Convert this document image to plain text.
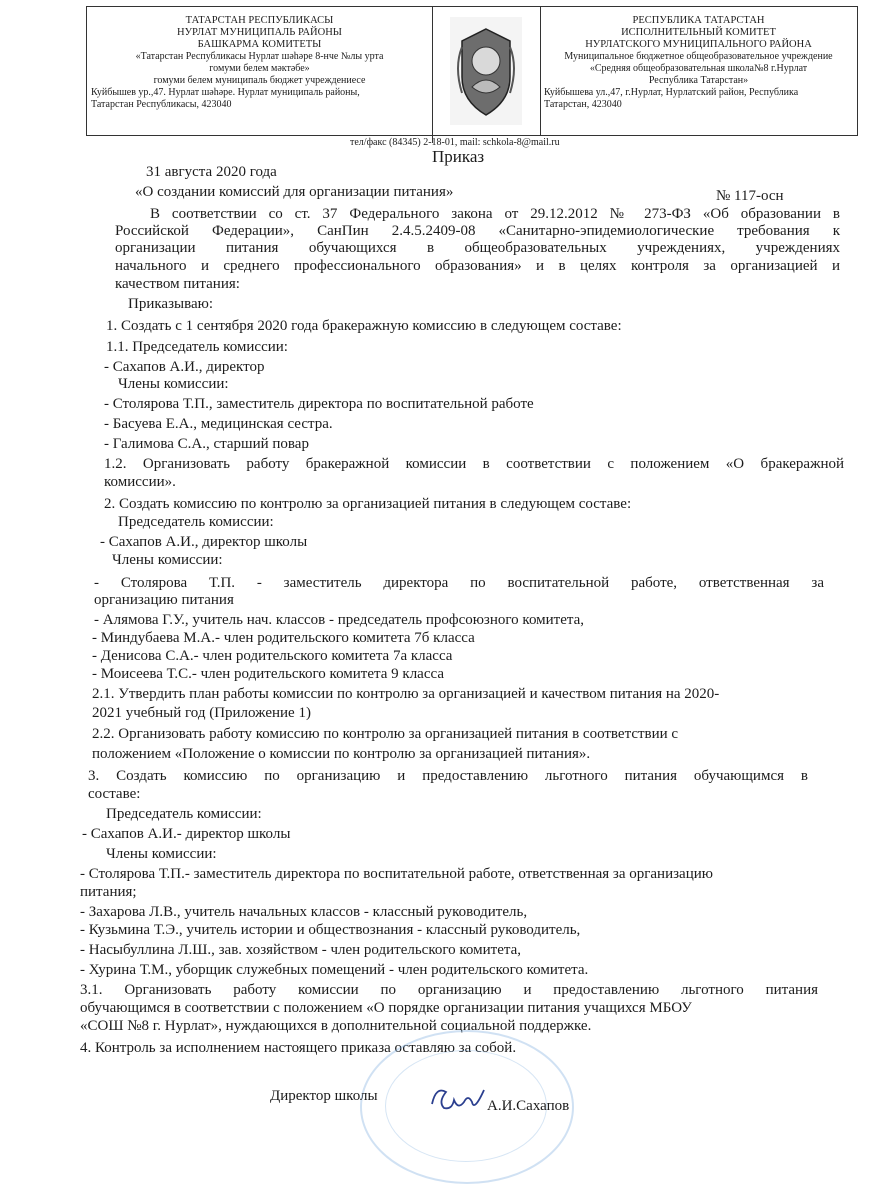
ТАТАРСТАН РЕСПУБЛИКАСЫ
НУРЛАТ МУНИЦИПАЛЬ РАЙОНЫ
БАШКАРМА КОМИТЕТЫ
«Татарстан Республикасы Нурлат шәһәре 8-нче №лы урта
гомуми белем мәктәбе»
гомуми белем муниципаль бюджет учреждениесе
Куйбышев ур.,47. Нурлат шәһәре. Нурлат муниципаль районы,
Татарстан Республикасы, 423040
РЕСПУБЛИКА ТАТАРСТАН
ИСПОЛНИТЕЛЬНЫЙ КОМИТЕТ
НУРЛАТСКОГО МУНИЦИПАЛЬНОГО РАЙОНА
Муниципальное бюджетное общеобразовательное учреждение
«Средняя общеобразовательная школа№8 г.Нурлат
Республика Татарстан»
Куйбышева ул.,47, г.Нурлат, Нурлатский район, Республика
Татарстан, 423040
тел/факс (84345) 2-18-01, mail: schkola-8@mail.ru
Приказ
31 августа 2020 года
«О создании комиссий для организации питания»	№ 117-осн
В соответствии со ст. 37 Федерального закона от 29.12.2012 № 273-ФЗ «Об образовании в
Российской Федерации», СанПин 2.4.5.2409-08 «Санитарно-эпидемиологические требования к
организации питания обучающихся в общеобразовательных учреждениях, учреждениях
начального и среднего профессионального образования» и в целях контроля за организацией и
качеством питания:
Приказываю:
1. Создать с 1 сентября 2020 года бракеражную комиссию в следующем составе:
1.1. Председатель комиссии:
- Сахапов А.И., директор
Члены комиссии:
- Столярова Т.П., заместитель директора по воспитательной работе
- Басуева Е.А., медицинская сестра.
- Галимова С.А., старший повар
1.2. Организовать работу бракеражной комиссии в соответствии с положением «О бракеражной
комиссии».
2. Создать комиссию по контролю за организацией питания в следующем составе:
Председатель комиссии:
- Сахапов А.И., директор школы
Члены комиссии:
- Столярова Т.П. - заместитель директора по воспитательной работе, ответственная за
организацию питания
- Алямова Г.У., учитель нач. классов - председатель профсоюзного комитета,
- Миндубаева М.А.- член родительского комитета 7б класса
- Денисова С.А.- член родительского комитета 7а класса
- Моисеева Т.С.- член родительского комитета 9 класса
2.1. Утвердить план работы комиссии по контролю за организацией и качеством питания на 2020-
2021 учебный год (Приложение 1)
2.2. Организовать работу комиссию по контролю за организацией питания в соответствии с
положением «Положение о комиссии по контролю за организацией питания».
3. Создать комиссию по организацию и предоставлению льготного питания обучающимся в
составе:
Председатель комиссии:
- Сахапов А.И.- директор школы
Члены комиссии:
- Столярова Т.П.- заместитель директора по воспитательной работе, ответственная за организацию
питания;
- Захарова Л.В., учитель начальных классов - классный руководитель,
- Кузьмина Т.Э., учитель истории и обществознания - классный руководитель,
- Насыбуллина Л.Ш., зав. хозяйством - член родительского комитета,
- Хурина Т.М., уборщик служебных помещений - член родительского комитета.
3.1. Организовать работу комиссии по организацию и предоставлению льготного питания
обучающимся в соответствии с положением «О порядке организации питания учащихся МБОУ
«СОШ №8 г. Нурлат», нуждающихся в дополнительной социальной поддержке.
4. Контроль за исполнением настоящего приказа оставляю за собой.
Директор школы
А.И.Сахапов
